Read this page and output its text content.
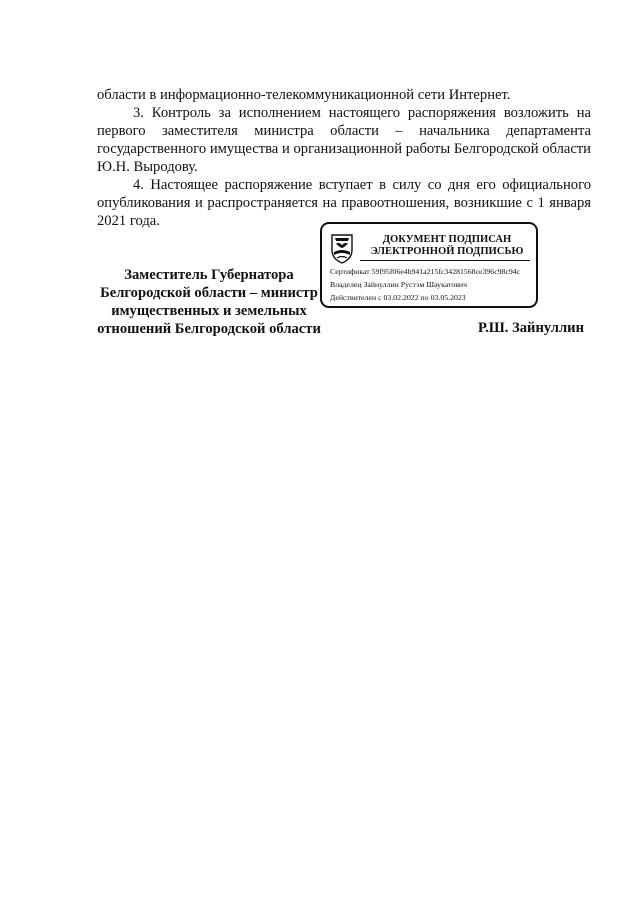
области в информационно-телекоммуникационной сети Интернет.

3. Контроль за исполнением настоящего распоряжения возложить на первого заместителя министра области – начальника департамента государственного имущества и организационной работы Белгородской области Ю.Н. Выродову.

4. Настоящее распоряжение вступает в силу со дня его официального опубликования и распространяется на правоотношения, возникшие с 1 января 2021 года.

Заместитель Губернатора
Белгородской области – министр
имущественных и земельных
отношений Белгородской области
ДОКУМЕНТ ПОДПИСАН
ЭЛЕКТРОННОЙ ПОДПИСЬЮ
Сертификат 59f95f06e4b941a215fc34281568ce396c98c94c
Владелец Зайнуллин Рустэм Шаукатович
Действителен с 03.02.2022 по 03.05.2023
Р.Ш. Зайнуллин
